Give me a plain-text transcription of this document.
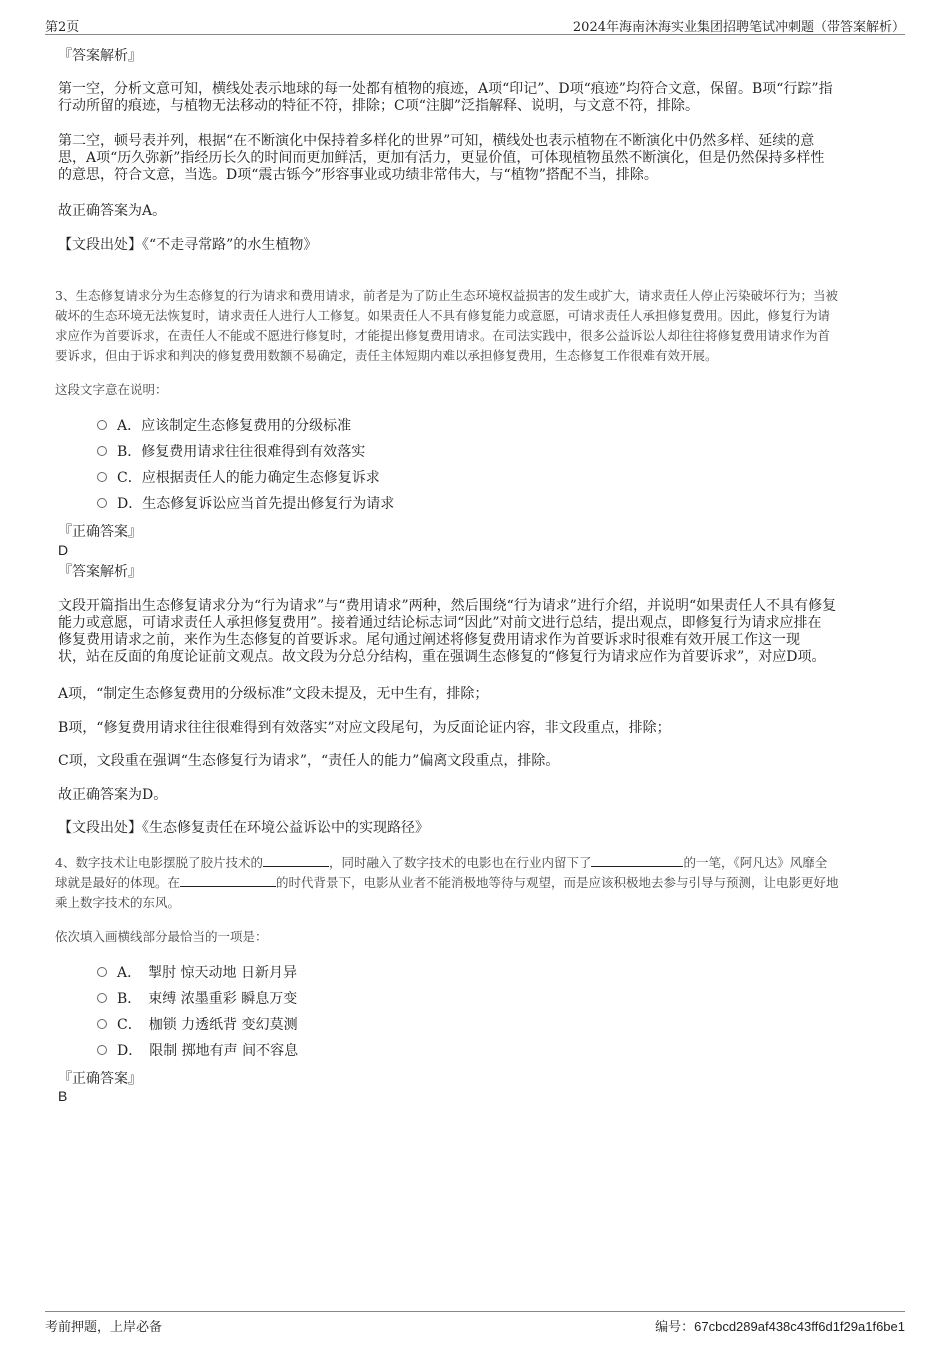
第2页	2024年海南沐海实业集团招聘笔试冲刺题（带答案解析）
『答案解析』
第一空，分析文意可知，横线处表示地球的每一处都有植物的痕迹，A项“印记”、D项“痕迹”均符合文意，保留。B项“行踪”指
行动所留的痕迹，与植物无法移动的特征不符，排除；C项“注脚”泛指解释、说明，与文意不符，排除。
第二空，顿号表并列，根据“在不断演化中保持着多样化的世界”可知，横线处也表示植物在不断演化中仍然多样、延续的意
思，A项“历久弥新”指经历长久的时间而更加鲜活，更加有活力，更显价值，可体现植物虽然不断演化，但是仍然保持多样性
的意思，符合文意，当选。D项“震古铄今”形容事业或功绩非常伟大，与“植物”搭配不当，排除。
故正确答案为A。
【文段出处】《“不走寻常路”的水生植物》
3、生态修复请求分为生态修复的行为请求和费用请求，前者是为了防止生态环境权益损害的发生或扩大，请求责任人停止污染破坏行为；当被
破坏的生态环境无法恢复时，请求责任人进行人工修复。如果责任人不具有修复能力或意愿，可请求责任人承担修复费用。因此，修复行为请
求应作为首要诉求，在责任人不能或不愿进行修复时，才能提出修复费用请求。在司法实践中，很多公益诉讼人却往往将修复费用请求作为首
要诉求，但由于诉求和判决的修复费用数额不易确定，责任主体短期内难以承担修复费用，生态修复工作很难有效开展。
这段文字意在说明：
A．应该制定生态修复费用的分级标准
B．修复费用请求往往很难得到有效落实
C．应根据责任人的能力确定生态修复诉求
D．生态修复诉讼应当首先提出修复行为请求
『正确答案』
D
『答案解析』
文段开篇指出生态修复请求分为“行为请求”与“费用请求”两种，然后围绕“行为请求”进行介绍，并说明“如果责任人不具有修复
能力或意愿，可请求责任人承担修复费用”。接着通过结论标志词“因此”对前文进行总结，提出观点，即修复行为请求应排在
修复费用请求之前，来作为生态修复的首要诉求。尾句通过阐述将修复费用请求作为首要诉求时很难有效开展工作这一现
状，站在反面的角度论证前文观点。故文段为分总分结构，重在强调生态修复的“修复行为请求应作为首要诉求”，对应D项。
A项，“制定生态修复费用的分级标准”文段未提及，无中生有，排除；
B项，“修复费用请求往往很难得到有效落实”对应文段尾句，为反面论证内容，非文段重点，排除；
C项，文段重在强调“生态修复行为请求”，“责任人的能力”偏离文段重点，排除。
故正确答案为D。
【文段出处】《生态修复责任在环境公益诉讼中的实现路径》
4、数字技术让电影摆脱了胶片技术的	，同时融入了数字技术的电影也在行业内留下了	的一笔，《阿凡达》风靡全
球就是最好的体现。在	的时代背景下，电影从业者不能消极地等待与观望，而是应该积极地去参与引导与预测，让电影更好地
乘上数字技术的东风。
依次填入画横线部分最恰当的一项是：
A．　掣肘 惊天动地 日新月异
B．　束缚 浓墨重彩 瞬息万变
C．　枷锁 力透纸背 变幻莫测
D．　限制 掷地有声 间不容息
『正确答案』
B
考前押题，上岸必备	编号：67cbcd289af438c43ff6d1f29a1f6be1
